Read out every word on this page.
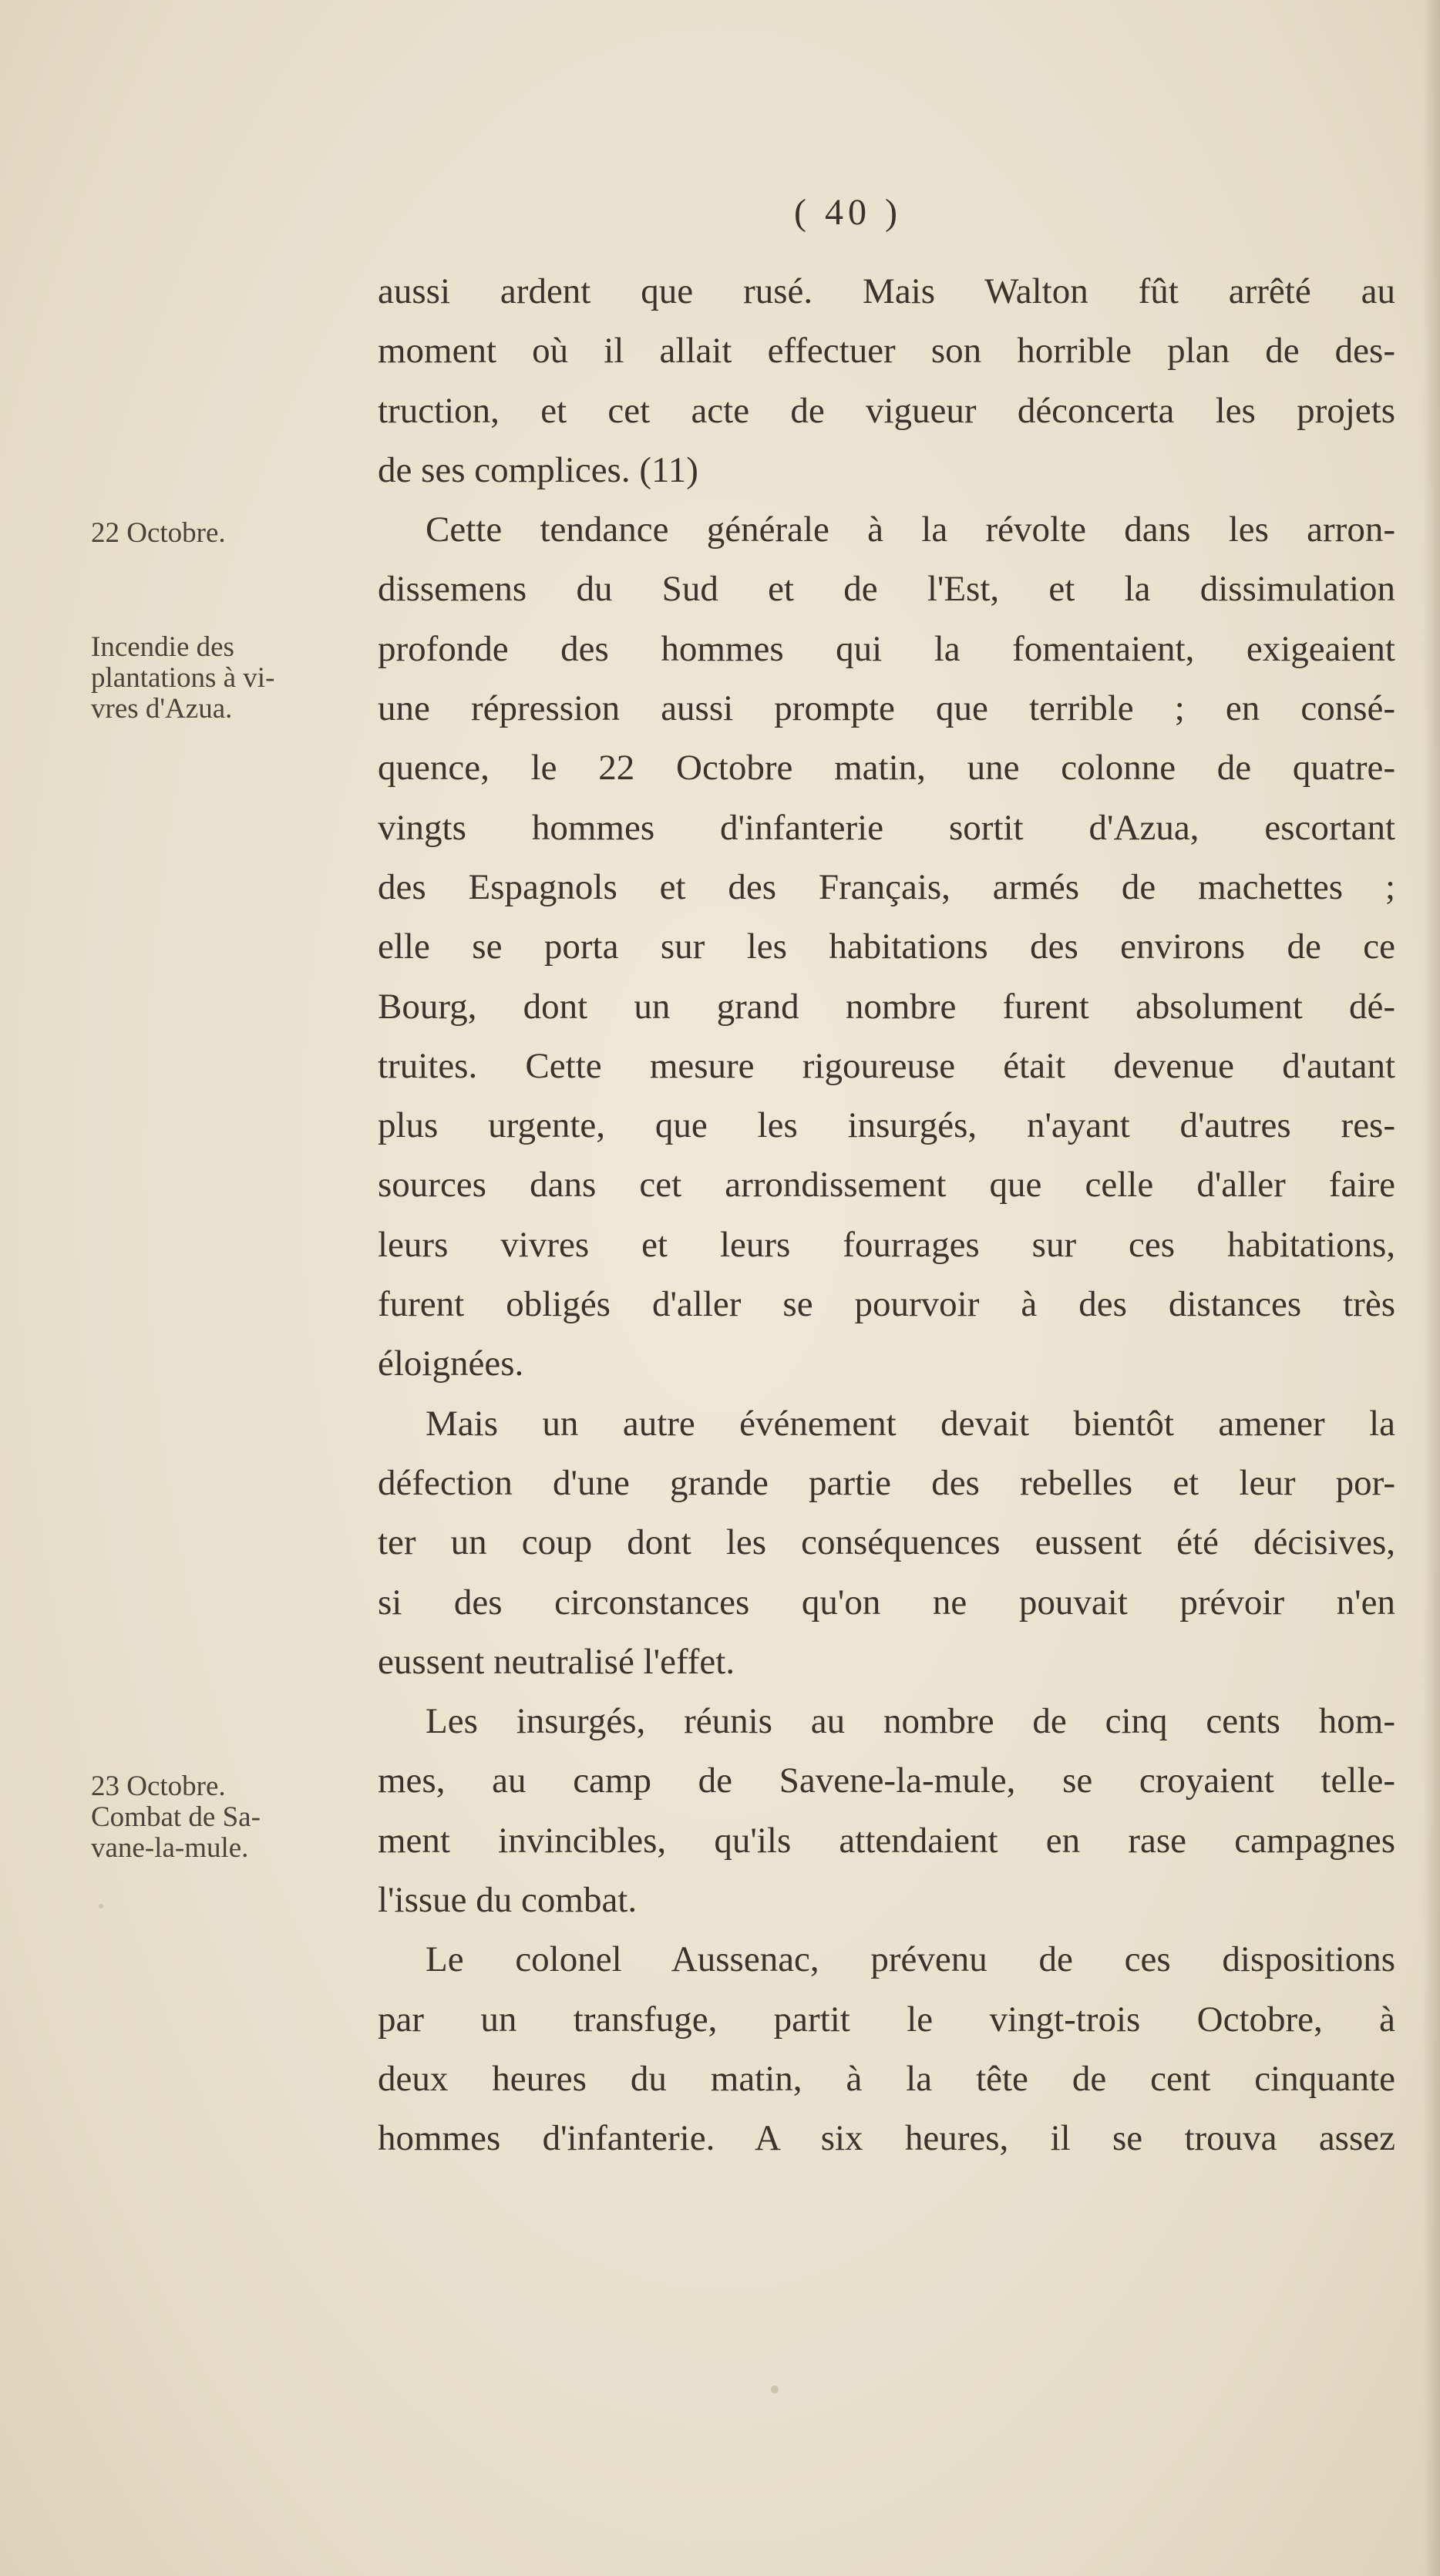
( 40 )
22 Octobre.
Incendie des
plantations à vi-
vres d'Azua.
23 Octobre.
Combat de Sa-
vane-la-mule.
aussi ardent que rusé. Mais Walton fût arrêté au
moment où il allait effectuer son horrible plan de des-
truction, et cet acte de vigueur déconcerta les projets
de ses complices. (11)
Cette tendance générale à la révolte dans les arron-
dissemens du Sud et de l'Est, et la dissimulation
profonde des hommes qui la fomentaient, exigeaient
une répression aussi prompte que terrible ; en consé-
quence, le 22 Octobre matin, une colonne de quatre-
vingts hommes d'infanterie sortit d'Azua, escortant
des Espagnols et des Français, armés de machettes ;
elle se porta sur les habitations des environs de ce
Bourg, dont un grand nombre furent absolument dé-
truites. Cette mesure rigoureuse était devenue d'autant
plus urgente, que les insurgés, n'ayant d'autres res-
sources dans cet arrondissement que celle d'aller faire
leurs vivres et leurs fourrages sur ces habitations,
furent obligés d'aller se pourvoir à des distances très
éloignées.
Mais un autre événement devait bientôt amener la
défection d'une grande partie des rebelles et leur por-
ter un coup dont les conséquences eussent été décisives,
si des circonstances qu'on ne pouvait prévoir n'en
eussent neutralisé l'effet.
Les insurgés, réunis au nombre de cinq cents hom-
mes, au camp de Savene-la-mule, se croyaient telle-
ment invincibles, qu'ils attendaient en rase campagnes
l'issue du combat.
Le colonel Aussenac, prévenu de ces dispositions
par un transfuge, partit le vingt-trois Octobre, à
deux heures du matin, à la tête de cent cinquante
hommes d'infanterie. A six heures, il se trouva assez
